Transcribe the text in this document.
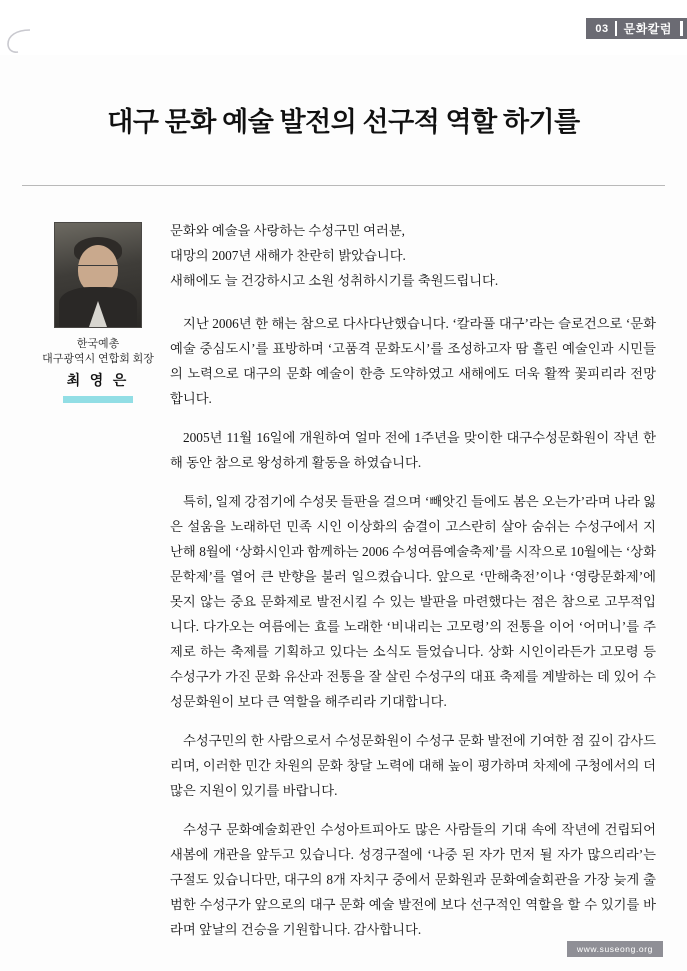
03	문화칼럼
대구 문화 예술 발전의 선구적 역할 하기를
한국예총
대구광역시 연합회 회장
최 영 은

문화와 예술을 사랑하는 수성구민 여러분,
대망의 2007년 새해가 찬란히 밝았습니다.
새해에도 늘 건강하시고 소원 성취하시기를 축원드립니다.

지난 2006년 한 해는 참으로 다사다난했습니다. ‘칼라풀 대구’라는 슬로건으로 ‘문화예술 중심도시’를 표방하며 ‘고품격 문화도시’를 조성하고자 땀 흘린 예술인과 시민들의 노력으로 대구의 문화 예술이 한층 도약하였고 새해에도 더욱 활짝 꽃피리라 전망합니다.

2005년 11월 16일에 개원하여 얼마 전에 1주년을 맞이한 대구수성문화원이 작년 한 해 동안 참으로 왕성하게 활동을 하였습니다.

특히, 일제 강점기에 수성못 들판을 걸으며 ‘빼앗긴 들에도 봄은 오는가’라며 나라 잃은 설움을 노래하던 민족 시인 이상화의 숨결이 고스란히 살아 숨쉬는 수성구에서 지난해 8월에 ‘상화시인과 함께하는 2006 수성여름예술축제’를 시작으로 10월에는 ‘상화문학제’를 열어 큰 반향을 불러 일으켰습니다. 앞으로 ‘만해축전’이나 ‘영랑문화제’에 못지 않는 중요 문화제로 발전시킬 수 있는 발판을 마련했다는 점은 참으로 고무적입니다. 다가오는 여름에는 효를 노래한 ‘비내리는 고모령’의 전통을 이어 ‘어머니’를 주제로 하는 축제를 기획하고 있다는 소식도 들었습니다. 상화 시인이라든가 고모령 등 수성구가 가진 문화 유산과 전통을 잘 살린 수성구의 대표 축제를 계발하는 데 있어 수성문화원이 보다 큰 역할을 해주리라 기대합니다.

수성구민의 한 사람으로서 수성문화원이 수성구 문화 발전에 기여한 점 깊이 감사드리며, 이러한 민간 차원의 문화 창달 노력에 대해 높이 평가하며 차제에 구청에서의 더 많은 지원이 있기를 바랍니다.

수성구 문화예술회관인 수성아트피아도 많은 사람들의 기대 속에 작년에 건립되어 새봄에 개관을 앞두고 있습니다. 성경구절에 ‘나중 된 자가 먼저 될 자가 많으리라’는 구절도 있습니다만, 대구의 8개 자치구 중에서 문화원과 문화예술회관을 가장 늦게 출범한 수성구가 앞으로의 대구 문화 예술 발전에 보다 선구적인 역할을 할 수 있기를 바라며 앞날의 건승을 기원합니다. 감사합니다.

www.suseong.org
